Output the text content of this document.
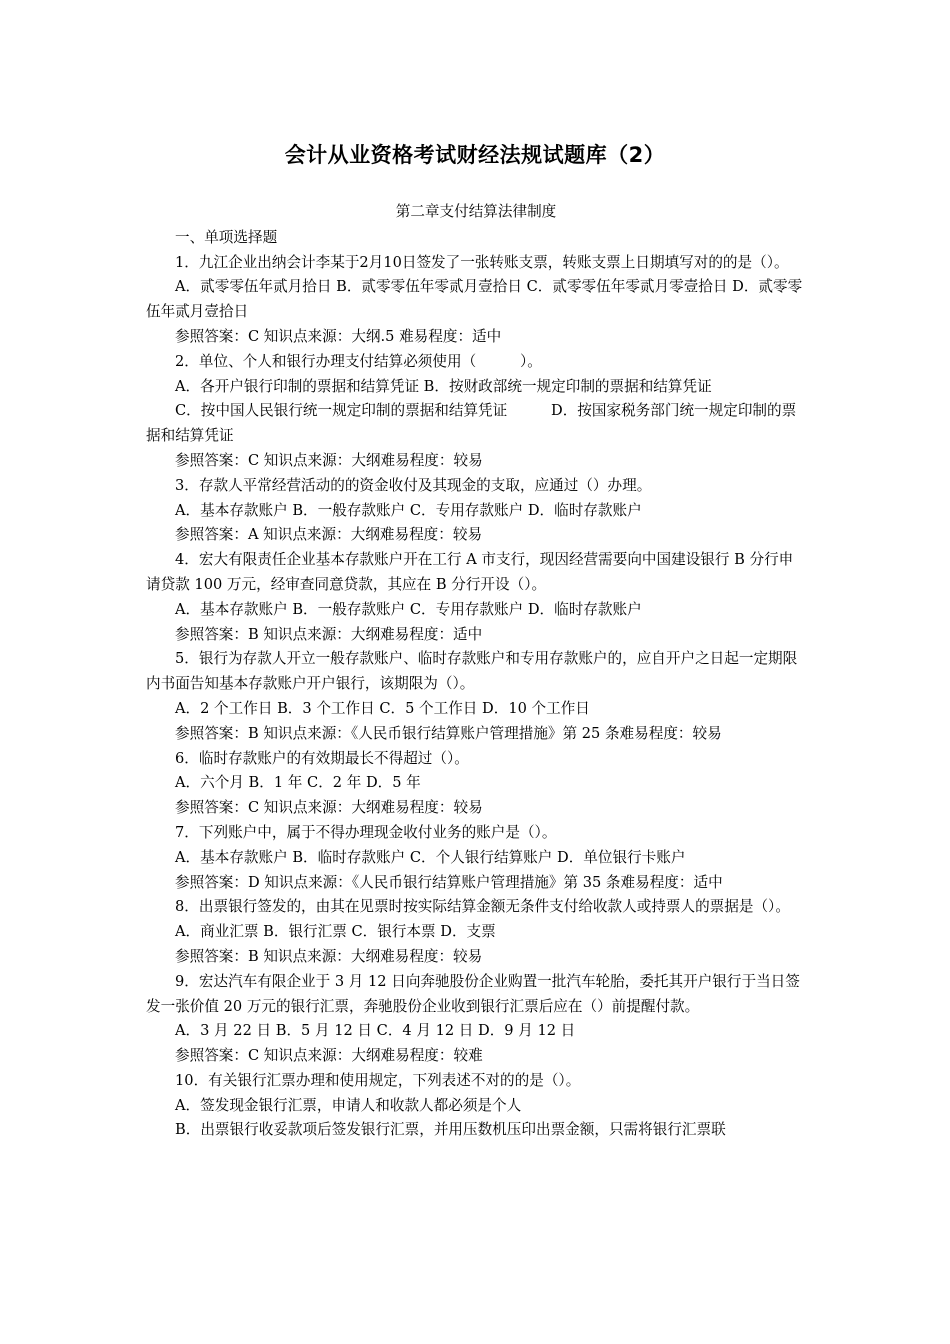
会计从业资格考试财经法规试题库（2）

第二章支付结算法律制度

一、单项选择题

1．九江企业出纳会计李某于2月10日签发了一张转账支票，转账支票上日期填写对的的是（）。

A．贰零零伍年贰月拾日 B．贰零零伍年零贰月壹拾日 C．贰零零伍年零贰月零壹拾日 D．贰零零伍年贰月壹拾日

参照答案：C 知识点来源：大纲.5 难易程度：适中

2．单位、个人和银行办理支付结算必须使用（　　　）。

A．各开户银行印制的票据和结算凭证 B．按财政部统一规定印制的票据和结算凭证

C．按中国人民银行统一规定印制的票据和结算凭证　　　D．按国家税务部门统一规定印制的票据和结算凭证

参照答案：C 知识点来源：大纲难易程度：较易

3．存款人平常经营活动的的资金收付及其现金的支取，应通过（）办理。

A．基本存款账户 B．一般存款账户 C．专用存款账户 D．临时存款账户

参照答案：A 知识点来源：大纲难易程度：较易

4．宏大有限责任企业基本存款账户开在工行 A 市支行，现因经营需要向中国建设银行 B 分行申请贷款 100 万元，经审查同意贷款，其应在 B 分行开设（）。

A．基本存款账户 B．一般存款账户 C．专用存款账户 D．临时存款账户

参照答案：B 知识点来源：大纲难易程度：适中

5．银行为存款人开立一般存款账户、临时存款账户和专用存款账户的，应自开户之日起一定期限内书面告知基本存款账户开户银行，该期限为（）。

A．2 个工作日 B．3 个工作日 C．5 个工作日 D．10 个工作日

参照答案：B 知识点来源：《人民币银行结算账户管理措施》第 25 条难易程度：较易

6．临时存款账户的有效期最长不得超过（）。

A．六个月 B．1 年 C．2 年 D．5 年

参照答案：C 知识点来源：大纲难易程度：较易

7．下列账户中，属于不得办理现金收付业务的账户是（）。

A．基本存款账户 B．临时存款账户 C．个人银行结算账户 D．单位银行卡账户

参照答案：D 知识点来源：《人民币银行结算账户管理措施》第 35 条难易程度：适中

8．出票银行签发的，由其在见票时按实际结算金额无条件支付给收款人或持票人的票据是（）。

A．商业汇票 B．银行汇票 C．银行本票 D．支票

参照答案：B 知识点来源：大纲难易程度：较易

9．宏达汽车有限企业于 3 月 12 日向奔驰股份企业购置一批汽车轮胎，委托其开户银行于当日签发一张价值 20 万元的银行汇票，奔驰股份企业收到银行汇票后应在（）前提醒付款。

A．3 月 22 日 B．5 月 12 日 C．4 月 12 日 D．9 月 12 日

参照答案：C 知识点来源：大纲难易程度：较难

10．有关银行汇票办理和使用规定，下列表述不对的的是（）。

A．签发现金银行汇票，申请人和收款人都必须是个人

B．出票银行收妥款项后签发银行汇票，并用压数机压印出票金额，只需将银行汇票联
